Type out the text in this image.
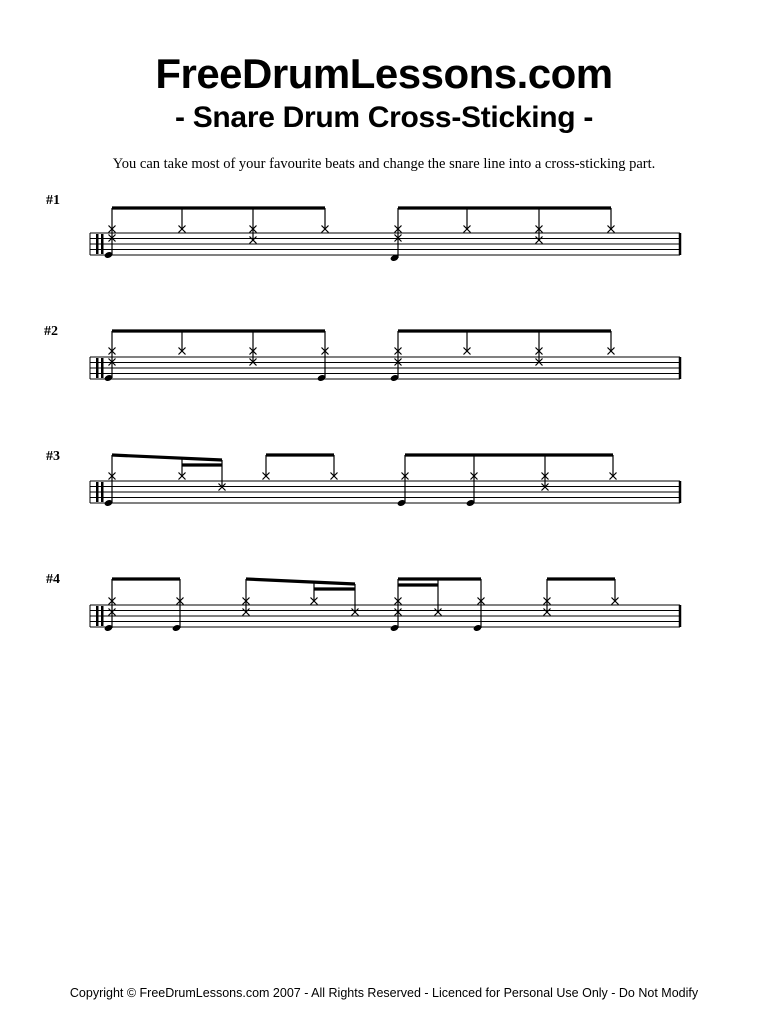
FreeDrumLessons.com
- Snare Drum Cross-Sticking -
You can take most of your favourite beats and change the snare line into a cross-sticking part.
#1
#2
#3
#4
Copyright © FreeDrumLessons.com 2007 - All Rights Reserved - Licenced for Personal Use Only - Do Not Modify
